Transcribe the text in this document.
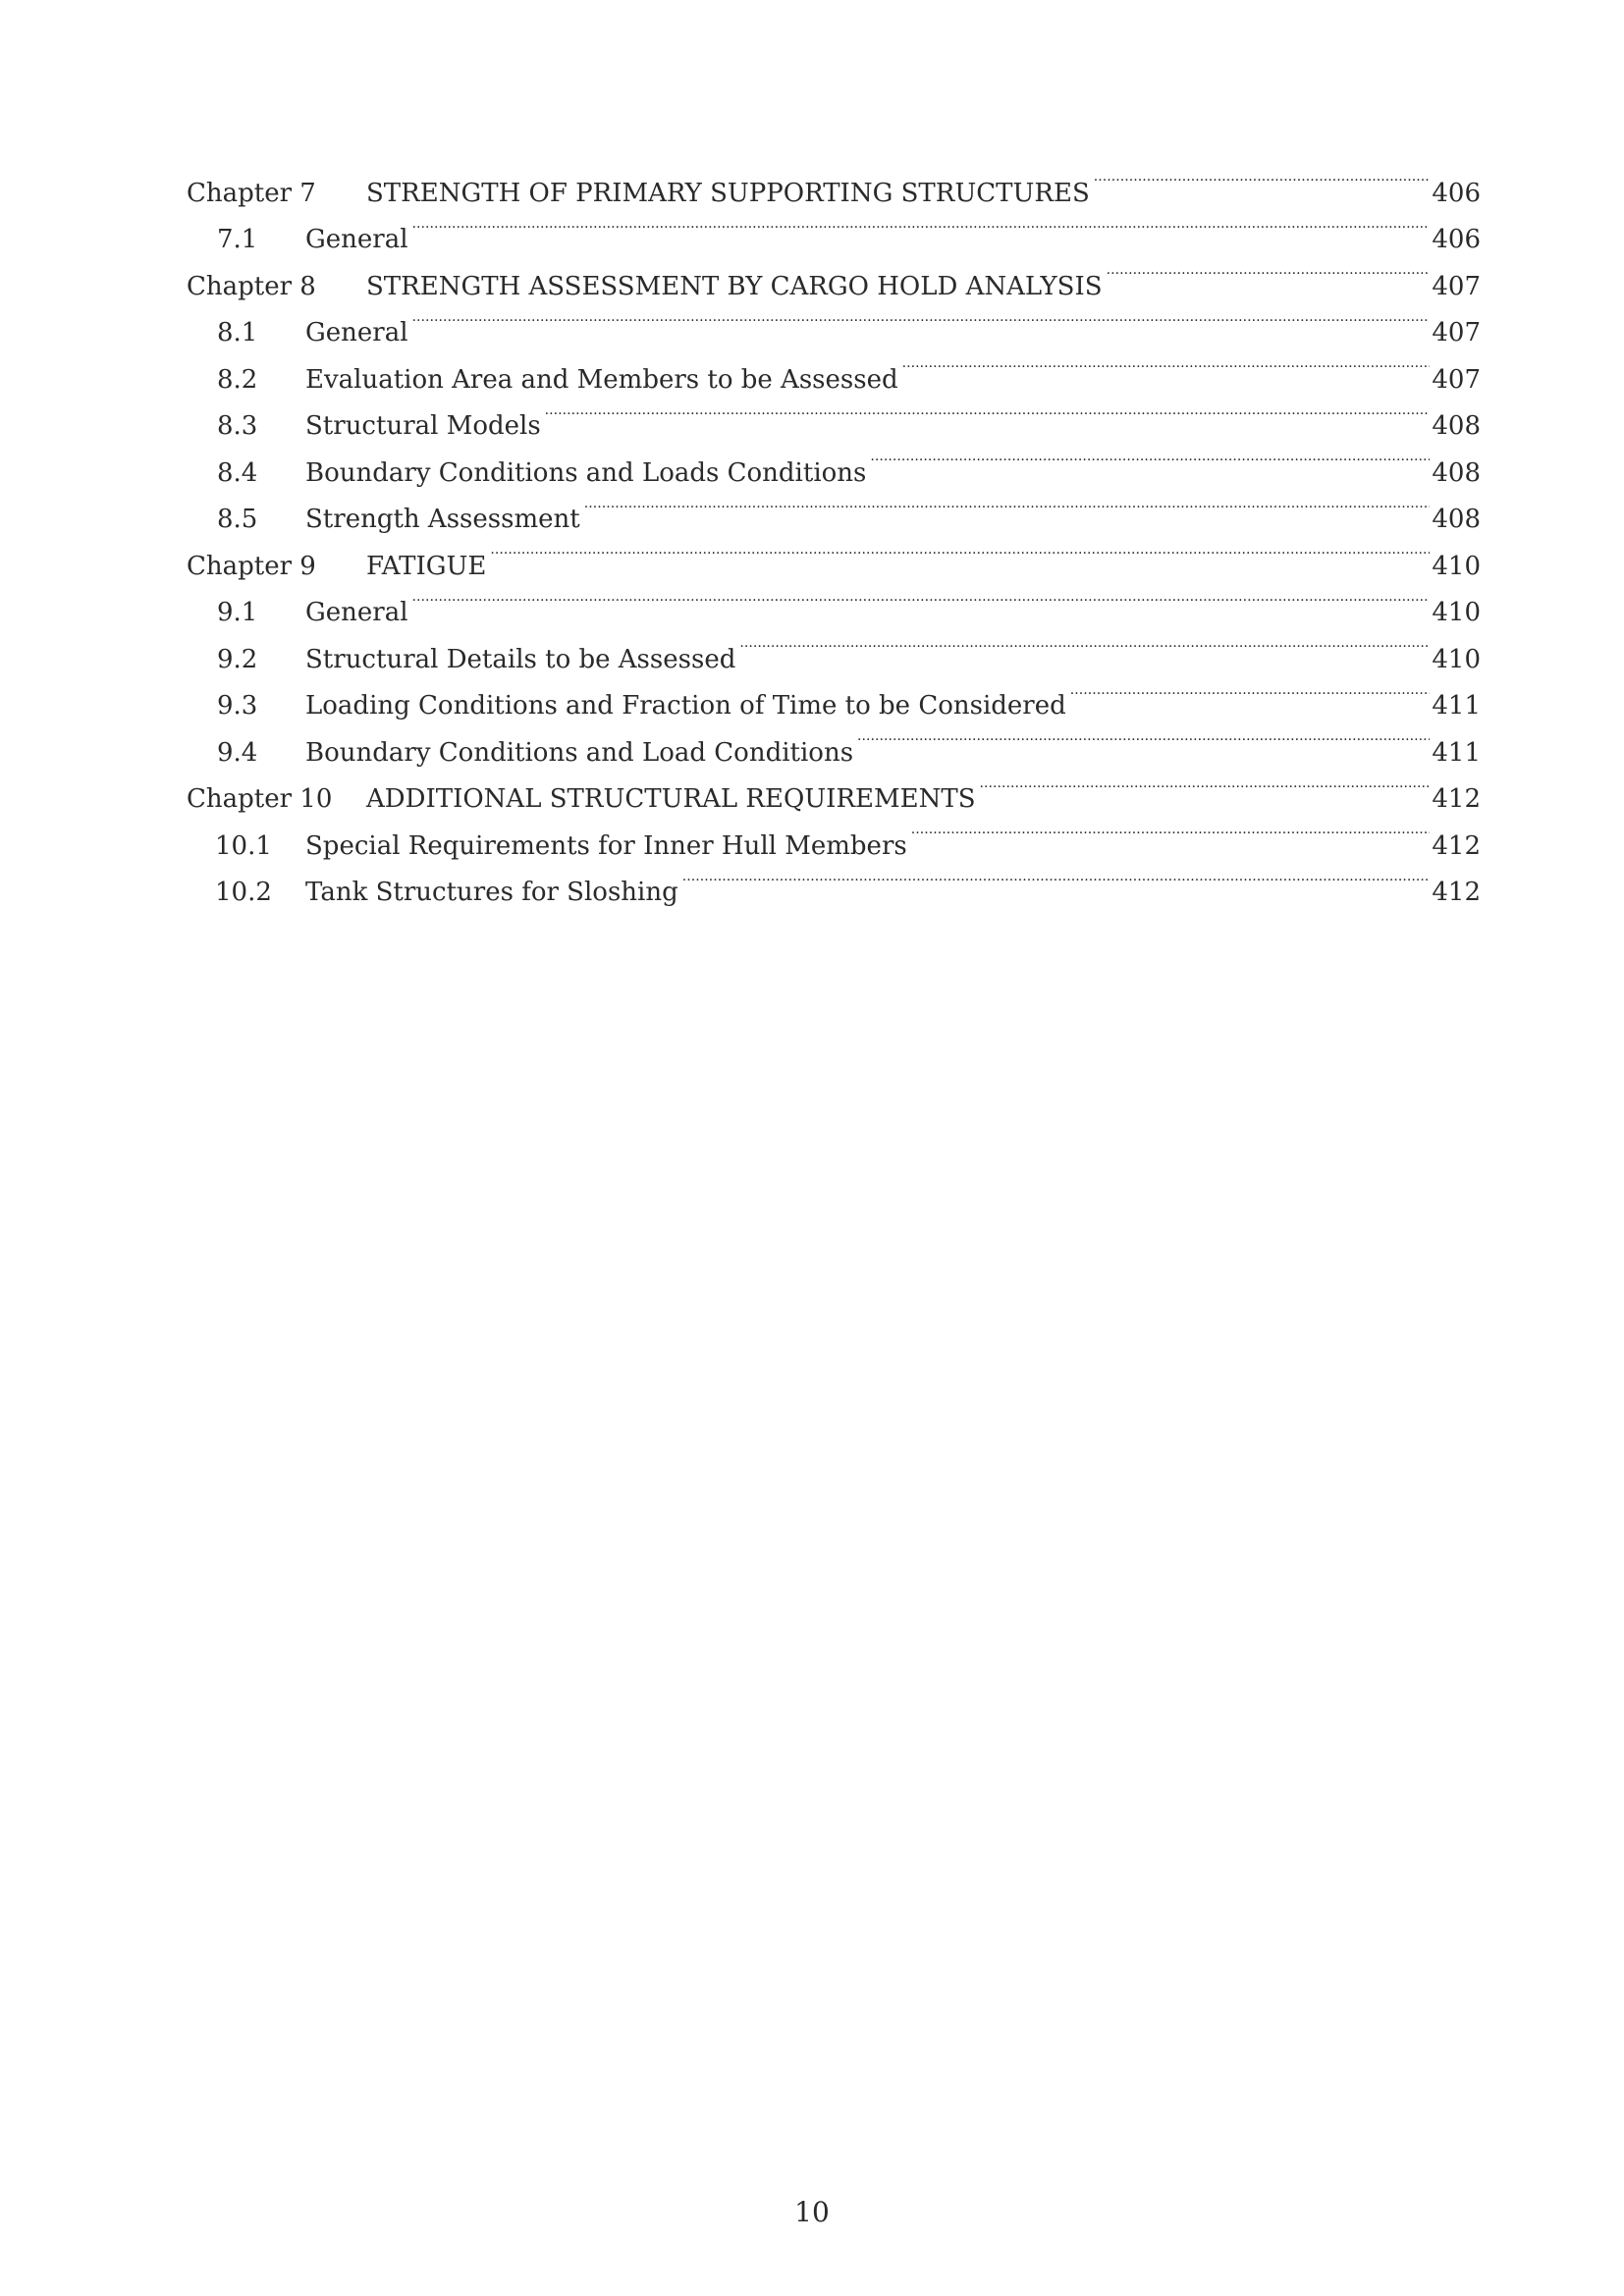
Chapter 7	STRENGTH OF PRIMARY SUPPORTING STRUCTURES . . .	406
7.1	General . . .	406
Chapter 8	STRENGTH ASSESSMENT BY CARGO HOLD ANALYSIS . . .	407
8.1	General . . .	407
8.2	Evaluation Area and Members to be Assessed . . .	407
8.3	Structural Models . . .	408
8.4	Boundary Conditions and Loads Conditions . . .	408
8.5	Strength Assessment . . .	408
Chapter 9	FATIGUE . . .	410
9.1	General . . .	410
9.2	Structural Details to be Assessed . . .	410
9.3	Loading Conditions and Fraction of Time to be Considered . . .	411
9.4	Boundary Conditions and Load Conditions . . .	411
Chapter 10	ADDITIONAL STRUCTURAL REQUIREMENTS . . .	412
10.1	Special Requirements for Inner Hull Members . . .	412
10.2	Tank Structures for Sloshing . . .	412
10
